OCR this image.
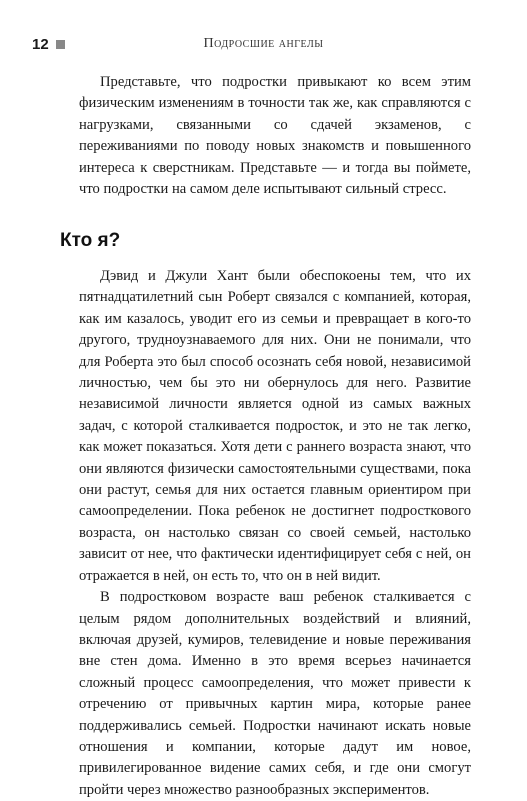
12	Подросшие ангелы

Представьте, что подростки привыкают ко всем этим физическим изменениям в точности так же, как справляются с нагрузками, связанными со сдачей экзаменов, с переживаниями по поводу новых знакомств и повышенного интереса к сверстникам. Представьте — и тогда вы поймете, что подростки на самом деле испытывают сильный стресс.

Кто я?

Дэвид и Джули Хант были обеспокоены тем, что их пятнадцатилетний сын Роберт связался с компанией, которая, как им казалось, уводит его из семьи и превращает в кого-то другого, трудноузнаваемого для них. Они не понимали, что для Роберта это был способ осознать себя новой, независимой личностью, чем бы это ни обернулось для него. Развитие независимой личности является одной из самых важных задач, с которой сталкивается подросток, и это не так легко, как может показаться. Хотя дети с раннего возраста знают, что они являются физически самостоятельными существами, пока они растут, семья для них остается главным ориентиром при самоопределении. Пока ребенок не достигнет подросткового возраста, он настолько связан со своей семьей, настолько зависит от нее, что фактически идентифицирует себя с ней, он отражается в ней, он есть то, что он в ней видит.

В подростковом возрасте ваш ребенок сталкивается с целым рядом дополнительных воздействий и влияний, включая друзей, кумиров, телевидение и новые переживания вне стен дома. Именно в это время всерьез начинается сложный процесс самоопределения, что может привести к отречению от привычных картин мира, которые ранее поддерживались семьей. Подростки начинают искать новые отношения и компании, которые дадут им новое, привилегированное видение самих себя, и где они смогут пройти через множество разнообразных экспериментов.
